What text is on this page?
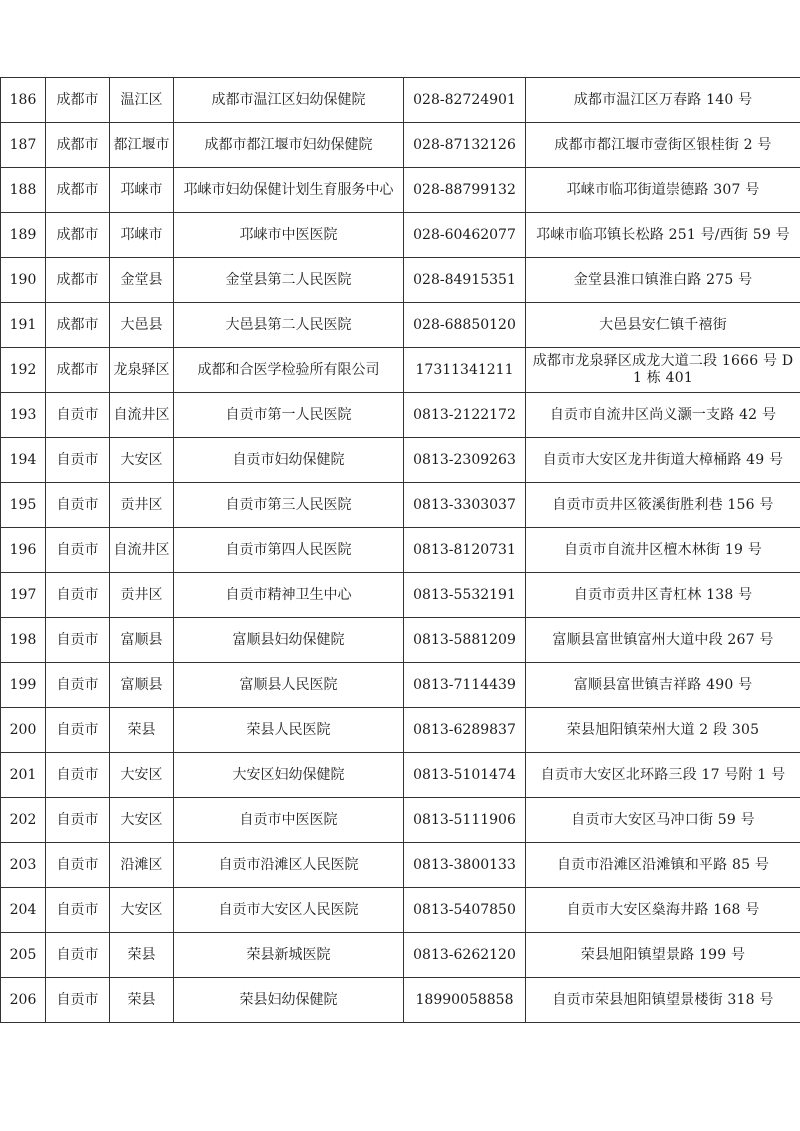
186	成都市	温江区	成都市温江区妇幼保健院	028-82724901	成都市温江区万春路 140 号
187	成都市	都江堰市	成都市都江堰市妇幼保健院	028-87132126	成都市都江堰市壹街区银桂街 2 号
188	成都市	邛崃市	邛崃市妇幼保健计划生育服务中心	028-88799132	邛崃市临邛街道崇德路 307 号
189	成都市	邛崃市	邛崃市中医医院	028-60462077	邛崃市临邛镇长松路 251 号/西街 59 号
190	成都市	金堂县	金堂县第二人民医院	028-84915351	金堂县淮口镇淮白路 275 号
191	成都市	大邑县	大邑县第二人民医院	028-68850120	大邑县安仁镇千禧街
192	成都市	龙泉驿区	成都和合医学检验所有限公司	17311341211	成都市龙泉驿区成龙大道二段 1666 号 D1 栋 401
193	自贡市	自流井区	自贡市第一人民医院	0813-2122172	自贡市自流井区尚义灏一支路 42 号
194	自贡市	大安区	自贡市妇幼保健院	0813-2309263	自贡市大安区龙井街道大樟桶路 49 号
195	自贡市	贡井区	自贡市第三人民医院	0813-3303037	自贡市贡井区筱溪街胜利巷 156 号
196	自贡市	自流井区	自贡市第四人民医院	0813-8120731	自贡市自流井区檀木林街 19 号
197	自贡市	贡井区	自贡市精神卫生中心	0813-5532191	自贡市贡井区青杠林 138 号
198	自贡市	富顺县	富顺县妇幼保健院	0813-5881209	富顺县富世镇富州大道中段 267 号
199	自贡市	富顺县	富顺县人民医院	0813-7114439	富顺县富世镇吉祥路 490 号
200	自贡市	荣县	荣县人民医院	0813-6289837	荣县旭阳镇荣州大道 2 段 305
201	自贡市	大安区	大安区妇幼保健院	0813-5101474	自贡市大安区北环路三段 17 号附 1 号
202	自贡市	大安区	自贡市中医医院	0813-5111906	自贡市大安区马冲口街 59 号
203	自贡市	沿滩区	自贡市沿滩区人民医院	0813-3800133	自贡市沿滩区沿滩镇和平路 85 号
204	自贡市	大安区	自贡市大安区人民医院	0813-5407850	自贡市大安区燊海井路 168 号
205	自贡市	荣县	荣县新城医院	0813-6262120	荣县旭阳镇望景路 199 号
206	自贡市	荣县	荣县妇幼保健院	18990058858	自贡市荣县旭阳镇望景楼街 318 号
